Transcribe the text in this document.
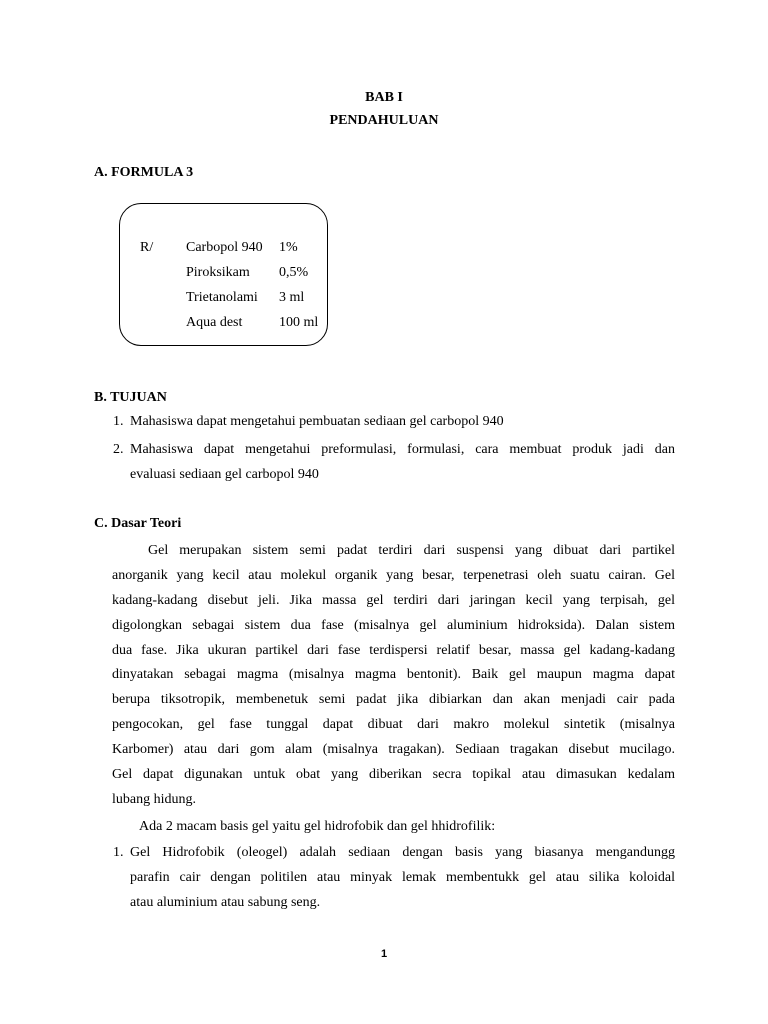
BAB I
PENDAHULUAN
A. FORMULA 3
R/ Carbopol 940 1%
Piroksikam 0,5%
Trietanolami 3 ml
Aqua dest	100 ml
B. TUJUAN
1. Mahasiswa dapat mengetahui pembuatan sediaan gel carbopol 940
2. Mahasiswa dapat mengetahui preformulasi, formulasi, cara membuat produk jadi dan
evaluasi sediaan gel carbopol 940
C. Dasar Teori
Gel merupakan sistem semi padat terdiri dari suspensi yang dibuat dari partikel
anorganik yang kecil atau molekul organik yang besar, terpenetrasi oleh suatu cairan. Gel
kadang-kadang disebut jeli. Jika massa gel terdiri dari jaringan kecil yang terpisah, gel
digolongkan sebagai sistem dua fase (misalnya gel aluminium hidroksida). Dalan sistem
dua fase. Jika ukuran partikel dari fase terdispersi relatif besar, massa gel kadang-kadang
dinyatakan sebagai magma (misalnya magma bentonit). Baik gel maupun magma dapat
berupa tiksotropik, membenetuk semi padat jika dibiarkan dan akan menjadi cair pada
pengocokan, gel fase tunggal dapat dibuat dari makro molekul sintetik (misalnya
Karbomer) atau dari gom alam (misalnya tragakan). Sediaan tragakan disebut mucilago.
Gel dapat digunakan untuk obat yang diberikan secra topikal atau dimasukan kedalam
lubang hidung.
Ada 2 macam basis gel yaitu gel hidrofobik dan gel hhidrofilik:
1. Gel Hidrofobik (oleogel) adalah sediaan dengan basis yang biasanya mengandungg
parafin cair dengan politilen atau minyak lemak membentukk gel atau silika koloidal
atau aluminium atau sabung seng.
1
